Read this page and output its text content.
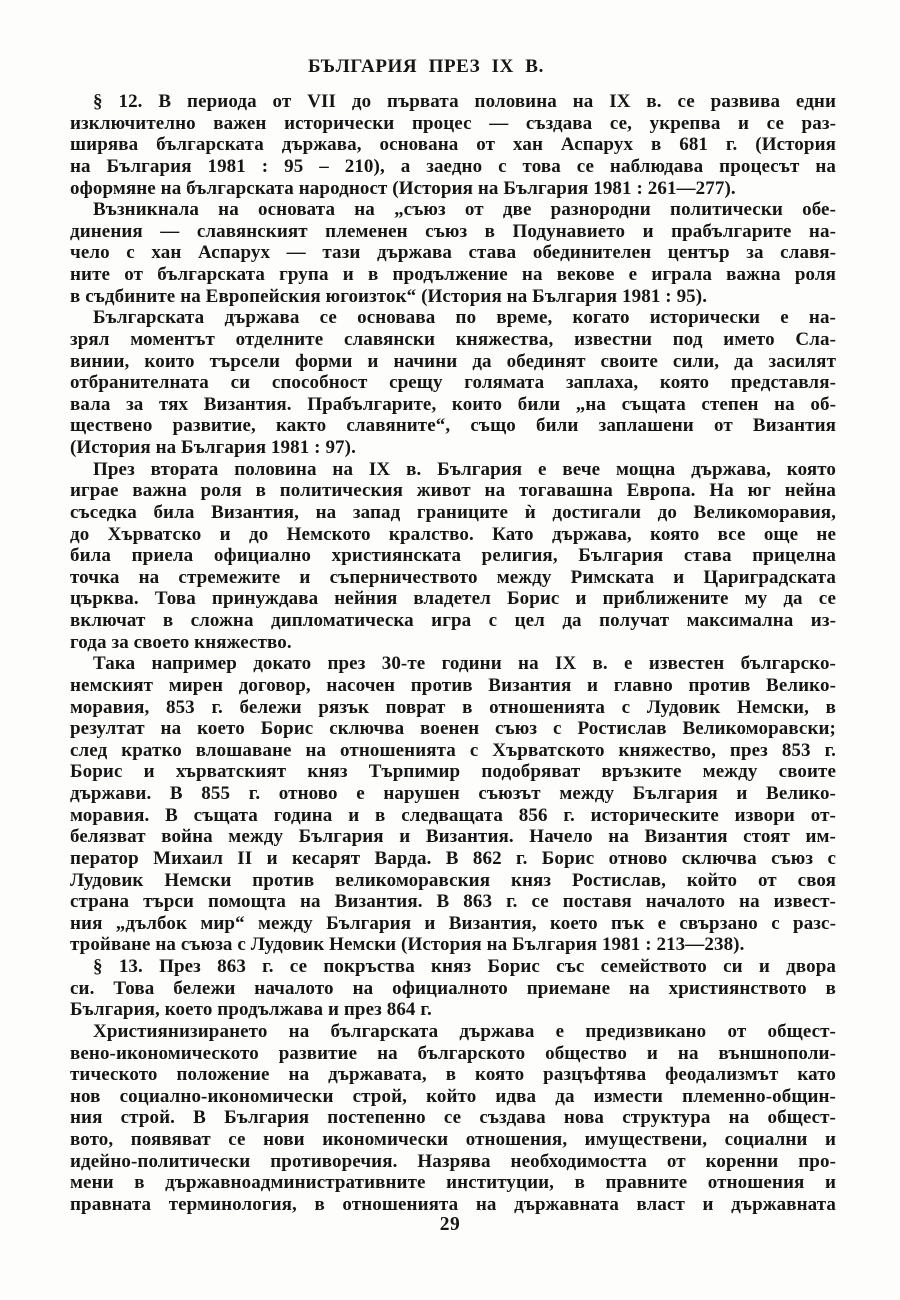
БЪЛГАРИЯ ПРЕЗ IX В.
§ 12. В периода от VII до първата половина на IX в. се развива едни
изключително важен исторически процес — създава се, укрепва и се раз-
ширява българската държава, основана от хан Аспарух в 681 г. (История
на България 1981 : 95 – 210), а заедно с това се наблюдава процесът на
оформяне на българската народност (История на България 1981 : 261—277).
Възникнала на основата на „съюз от две разнородни политически обе-
динения — славянският племенен съюз в Подунавието и прабългарите на-
чело с хан Аспарух — тази държава става обединителен център за славя-
ните от българската група и в продължение на векове е играла важна роля
в съдбините на Европейския югоизток“ (История на България 1981 : 95).
Българската държава се основава по време, когато исторически е на-
зрял моментът отделните славянски княжества, известни под името Сла-
винии, които търсели форми и начини да обединят своите сили, да засилят
отбранителната си способност срещу голямата заплаха, която представля-
вала за тях Византия. Прабългарите, които били „на същата степен на об-
ществено развитие, както славяните“, също били заплашени от Византия
(История на България 1981 : 97).
През втората половина на IX в. България е вече мощна държава, която
играе важна роля в политическия живот на тогавашна Европа. На юг нейна
съседка била Византия, на запад границите ѝ достигали до Великоморавия,
до Хърватско и до Немското кралство. Като държава, която все още не
била приела официално християнската религия, България става прицелна
точка на стремежите и съперничеството между Римската и Цариградската
църква. Това принуждава нейния владетел Борис и приближените му да се
включат в сложна дипломатическа игра с цел да получат максимална из-
года за своето княжество.
Така например докато през 30-те години на IX в. е известен българско-
немският мирен договор, насочен против Византия и главно против Велико-
моравия, 853 г. бележи рязък поврат в отношенията с Лудовик Немски, в
резултат на което Борис сключва военен съюз с Ростислав Великоморавски;
след кратко влошаване на отношенията с Хърватското княжество, през 853 г.
Борис и хърватският княз Търпимир подобряват връзките между своите
държави. В 855 г. отново е нарушен съюзът между България и Велико-
моравия. В същата година и в следващата 856 г. историческите извори от-
белязват война между България и Византия. Начело на Византия стоят им-
ператор Михаил II и кесарят Варда. В 862 г. Борис отново сключва съюз с
Лудовик Немски против великоморавския княз Ростислав, който от своя
страна търси помощта на Византия. В 863 г. се поставя началото на извест-
ния „дълбок мир“ между България и Византия, което пък е свързано с разс-
тройване на съюза с Лудовик Немски (История на България 1981 : 213—238).
§ 13. През 863 г. се покръства княз Борис със семейството си и двора
си. Това бележи началото на официалното приемане на християнството в
България, което продължава и през 864 г.
Християнизирането на българската държава е предизвикано от общест-
вено-икономическото развитие на българското общество и на външнополи-
тическото положение на държавата, в която разцъфтява феодализмът като
нов социално-икономически строй, който идва да измести племенно-общин-
ния строй. В България постепенно се създава нова структура на общест-
вото, появяват се нови икономически отношения, имуществени, социални и
идейно-политически противоречия. Назрява необходимостта от коренни про-
мени в държавноадминистративните институции, в правните отношения и
правната терминология, в отношенията на държавната власт и държавната
29
